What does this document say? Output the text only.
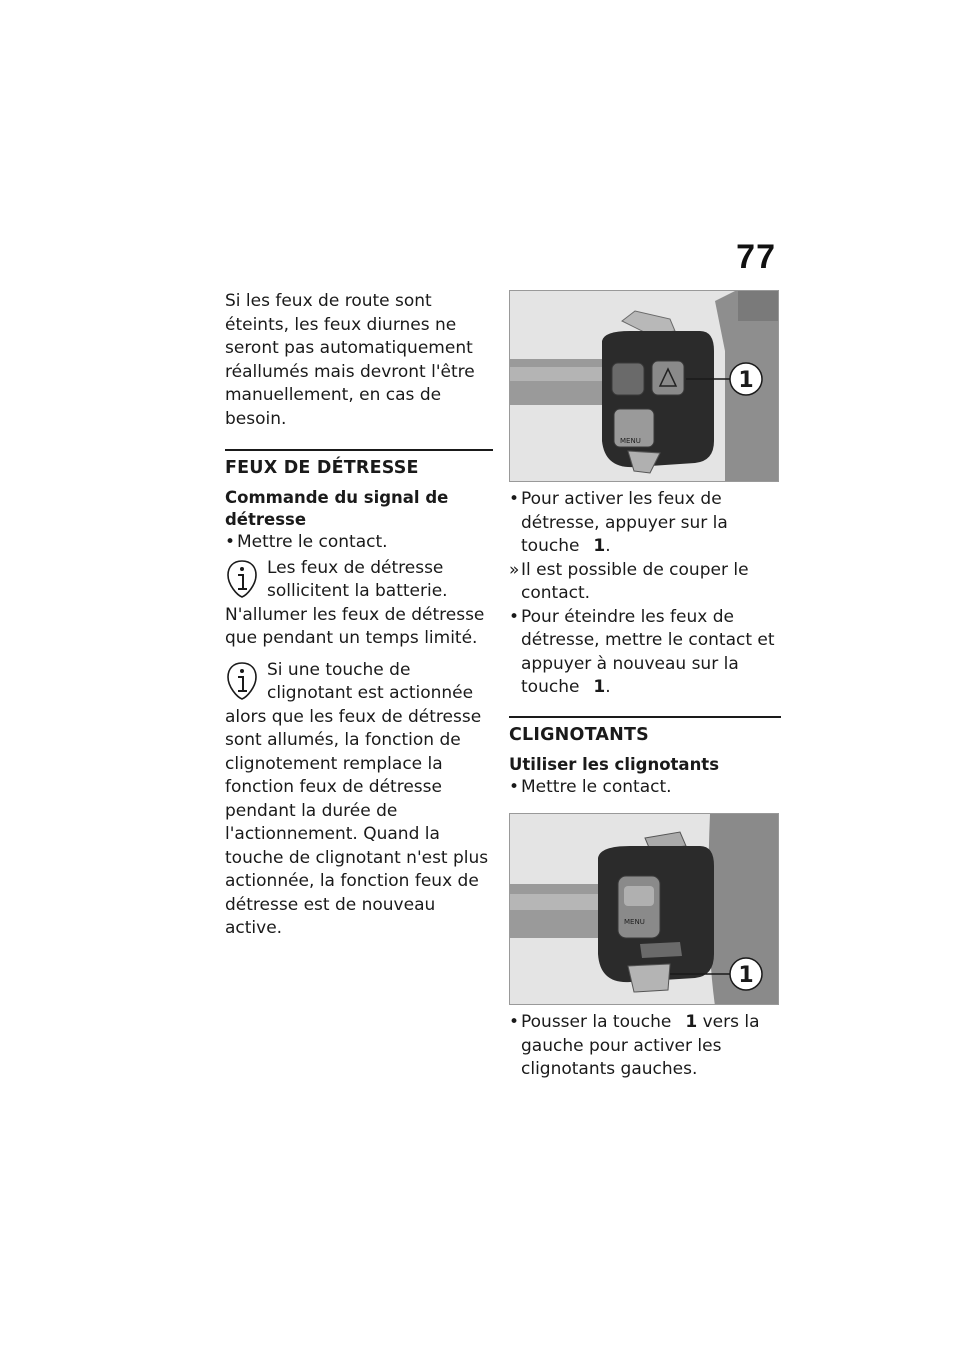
77

Si les feux de route sont éteints, les feux diurnes ne seront pas automatiquement réallumés mais devront l'être manuellement, en cas de besoin.

FEUX DE DÉTRESSE
Commande du signal de détresse
• Mettre le contact.
Les feux de détresse sollicitent la batterie. N'allumer les feux de détresse que pendant un temps limité.
Si une touche de clignotant est actionnée alors que les feux de détresse sont allumés, la fonction de clignotement remplace la fonction feux de détresse pendant la durée de l'actionnement. Quand la touche de clignotant n'est plus actionnée, la fonction feux de détresse est de nouveau active.
MENU
1
• Pour activer les feux de détresse, appuyer sur la touche 1.
» Il est possible de couper le contact.
• Pour éteindre les feux de détresse, mettre le contact et appuyer à nouveau sur la touche 1.
CLIGNOTANTS
Utiliser les clignotants
• Mettre le contact.
MENU
1
• Pousser la touche 1 vers la gauche pour activer les clignotants gauches.
